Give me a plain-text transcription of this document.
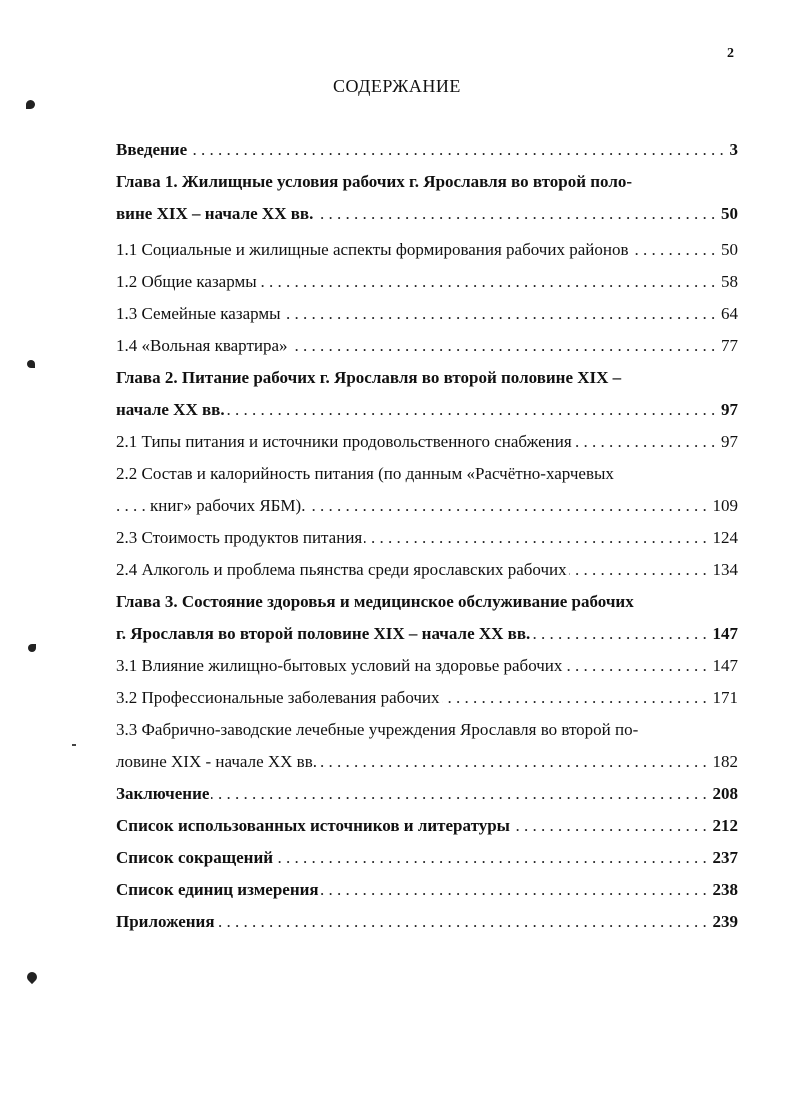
2
СОДЕРЖАНИЕ
. . . Введение	3
Глава 1. Жилищные условия рабочих г. Ярославля во второй поло-
. . . вине XIX – начале XX вв.	50
. . . 1.1 Социальные и жилищные аспекты формирования рабочих районов	50
. . . 1.2 Общие казармы	58
. . . 1.3 Семейные казармы	64
. . . 1.4 «Вольная квартира»	77
Глава 2. Питание рабочих г. Ярославля во второй половине XIX –
. . . начале XX вв.	97
. . . 2.1 Типы питания и источники продовольственного снабжения	97
2.2 Состав и калорийность питания (по данным «Расчётно-харчевых
. . . книг» рабочих ЯБМ).	109
. . . 2.3 Стоимость продуктов питания	124
. . . 2.4 Алкоголь и проблема пьянства среди ярославских рабочих	134
Глава 3. Состояние здоровья и медицинское обслуживание рабочих
. . . г. Ярославля во второй половине XIX – начале XX вв.	147
. . . 3.1 Влияние жилищно-бытовых условий на здоровье рабочих	147
. . . 3.2 Профессиональные заболевания рабочих	171
3.3 Фабрично-заводские лечебные учреждения Ярославля во второй по-
. . . ловине XIX - начале XX вв.	182
. . . Заключение	208
. . . Список использованных источников и литературы	212
. . . Список сокращений	237
. . . Список единиц измерения	238
. . . Приложения	239
